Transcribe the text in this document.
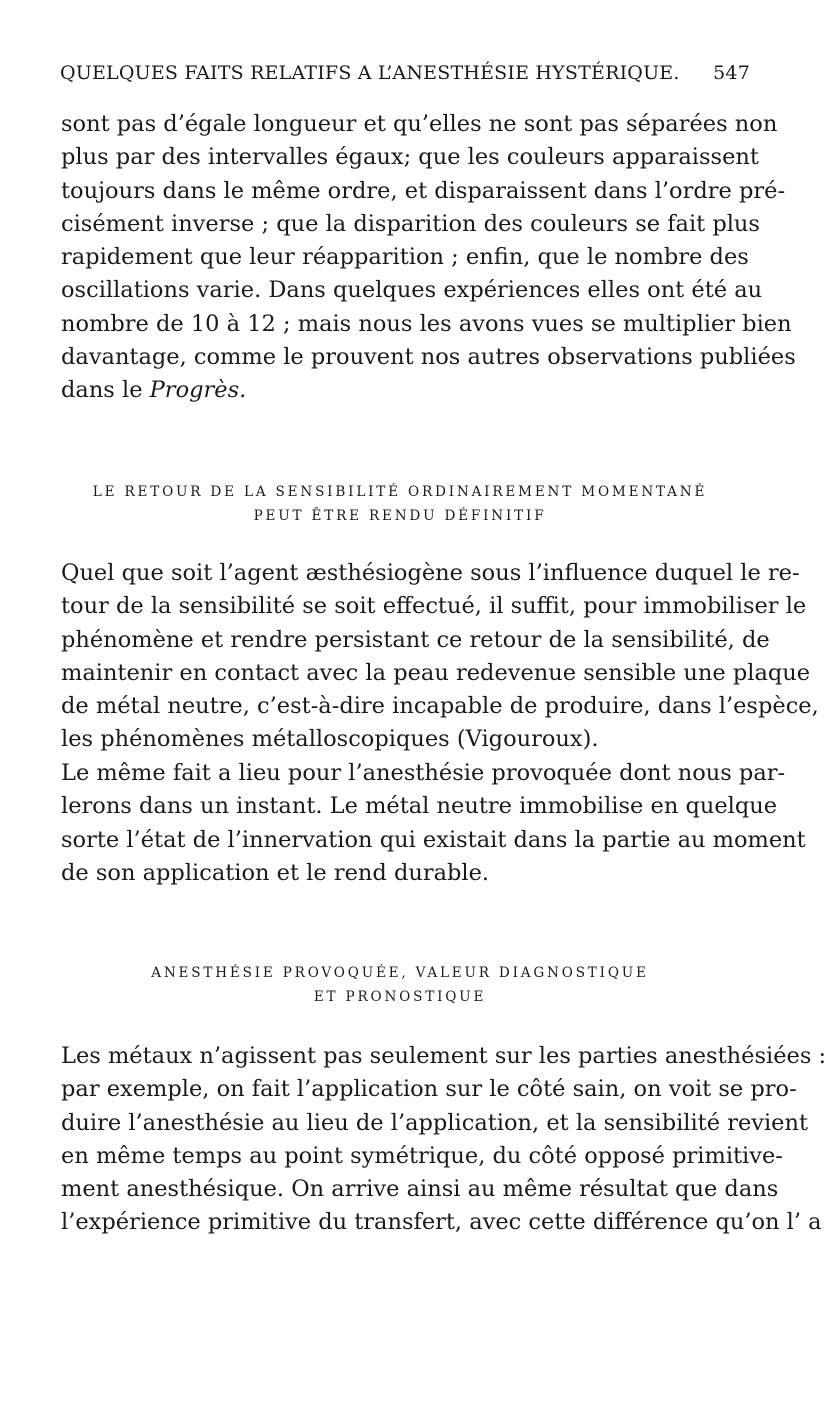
QUELQUES FAITS RELATIFS A L’ANESTHÉSIE HYSTÉRIQUE. 547
sont pas d’égale longueur et qu’elles ne sont pas séparées non
plus par des intervalles égaux; que les couleurs apparaissent
toujours dans le même ordre, et disparaissent dans l’ordre pré-
cisément inverse ; que la disparition des couleurs se fait plus
rapidement que leur réapparition ; enfin, que le nombre des
oscillations varie. Dans quelques expériences elles ont été au
nombre de 10 à 12 ; mais nous les avons vues se multiplier bien
davantage, comme le prouvent nos autres observations publiées
dans le Progrès.
LE RETOUR DE LA SENSIBILITÉ ORDINAIREMENT MOMENTANÉ
PEUT ÊTRE RENDU DÉFINITIF
Quel que soit l’agent æsthésiogène sous l’influence duquel le re-
tour de la sensibilité se soit effectué, il suffit, pour immobiliser le
phénomène et rendre persistant ce retour de la sensibilité, de
maintenir en contact avec la peau redevenue sensible une plaque
de métal neutre, c’est-à-dire incapable de produire, dans l’espèce,
les phénomènes métalloscopiques (Vigouroux).
Le même fait a lieu pour l’anesthésie provoquée dont nous par-
lerons dans un instant. Le métal neutre immobilise en quelque
sorte l’état de l’innervation qui existait dans la partie au moment
de son application et le rend durable.
ANESTHÉSIE PROVOQUÉE, VALEUR DIAGNOSTIQUE
ET PRONOSTIQUE
Les métaux n’agissent pas seulement sur les parties anesthésiées :
par exemple, on fait l’application sur le côté sain, on voit se pro-
duire l’anesthésie au lieu de l’application, et la sensibilité revient
en même temps au point symétrique, du côté opposé primitive-
ment anesthésique. On arrive ainsi au même résultat que dans
l’expérience primitive du transfert, avec cette différence qu’on l’ a
